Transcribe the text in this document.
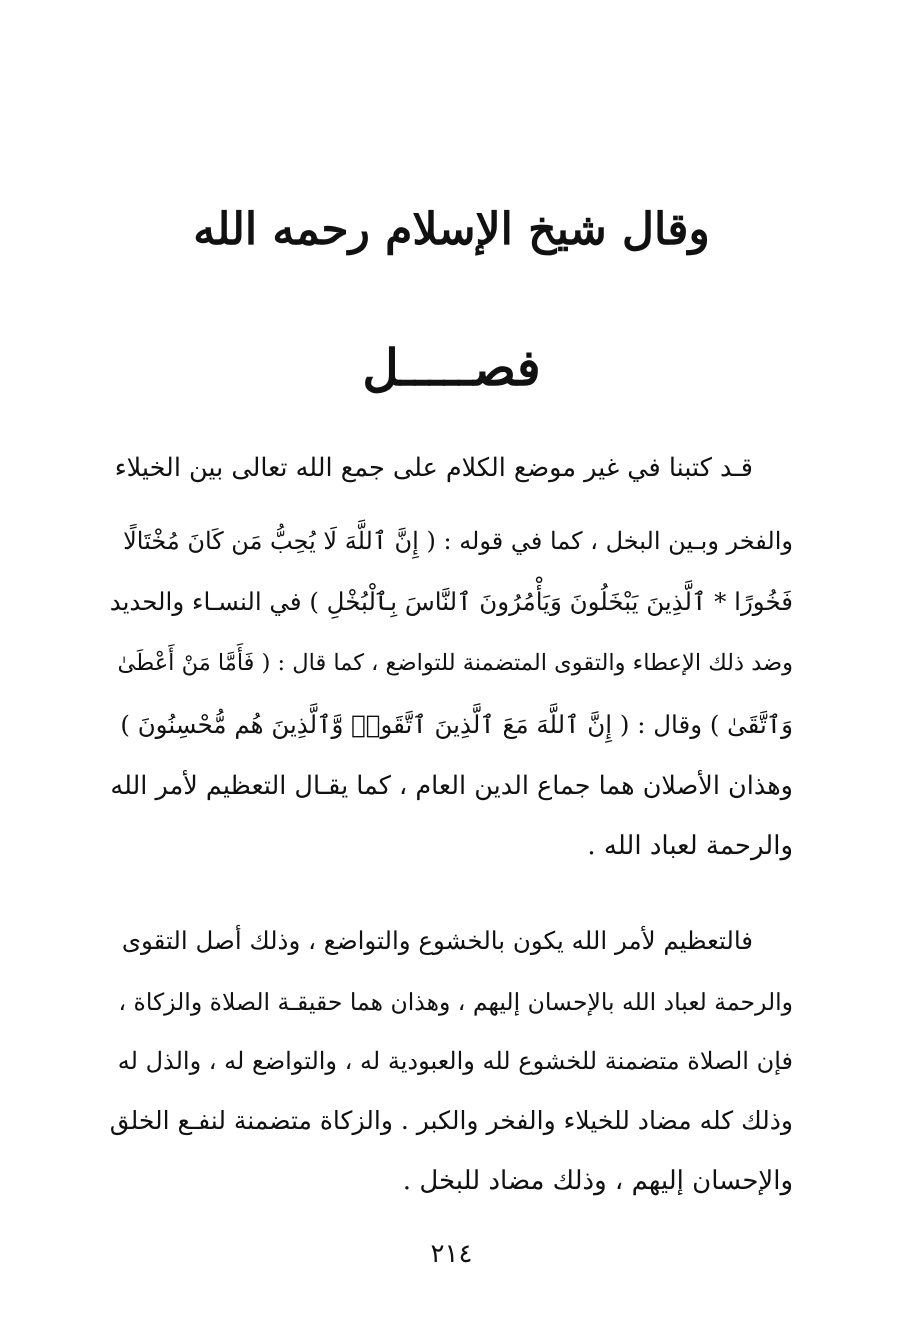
وقال شيخ الإسلام رحمه الله
فصـــــل
قـد كتبنا في غير موضع الكلام على جمع الله تعالى بين الخيلاء
والفخر وبـين البخل ، كما في قوله : ( إِنَّ ٱللَّهَ لَا يُحِبُّ مَن كَانَ مُخْتَالًا
فَخُورًا * ٱلَّذِينَ يَبْخَلُونَ وَيَأْمُرُونَ ٱلنَّاسَ بِٱلْبُخْلِ ) في النسـاء والحديد
وضد ذلك الإعطاء والتقوى المتضمنة للتواضع ، كما قال : ( فَأَمَّا مَنْ أَعْطَىٰ
وَٱتَّقَىٰ ) وقال : ( إِنَّ ٱللَّهَ مَعَ ٱلَّذِينَ ٱتَّقَوا۟ وَّٱلَّذِينَ هُم مُّحْسِنُونَ )
وهذان الأصلان هما جماع الدين العام ، كما يقـال التعظيم لأمر الله
والرحمة لعباد الله .
فالتعظيم لأمر الله يكون بالخشوع والتواضع ، وذلك أصل التقوى
والرحمة لعباد الله بالإحسان إليهم ، وهذان هما حقيقـة الصلاة والزكاة ،
فإن الصلاة متضمنة للخشوع لله والعبودية له ، والتواضع له ، والذل له
وذلك كله مضاد للخيلاء والفخر والكبر . والزكاة متضمنة لنفـع الخلق
والإحسان إليهم ، وذلك مضاد للبخل .
٢١٤
